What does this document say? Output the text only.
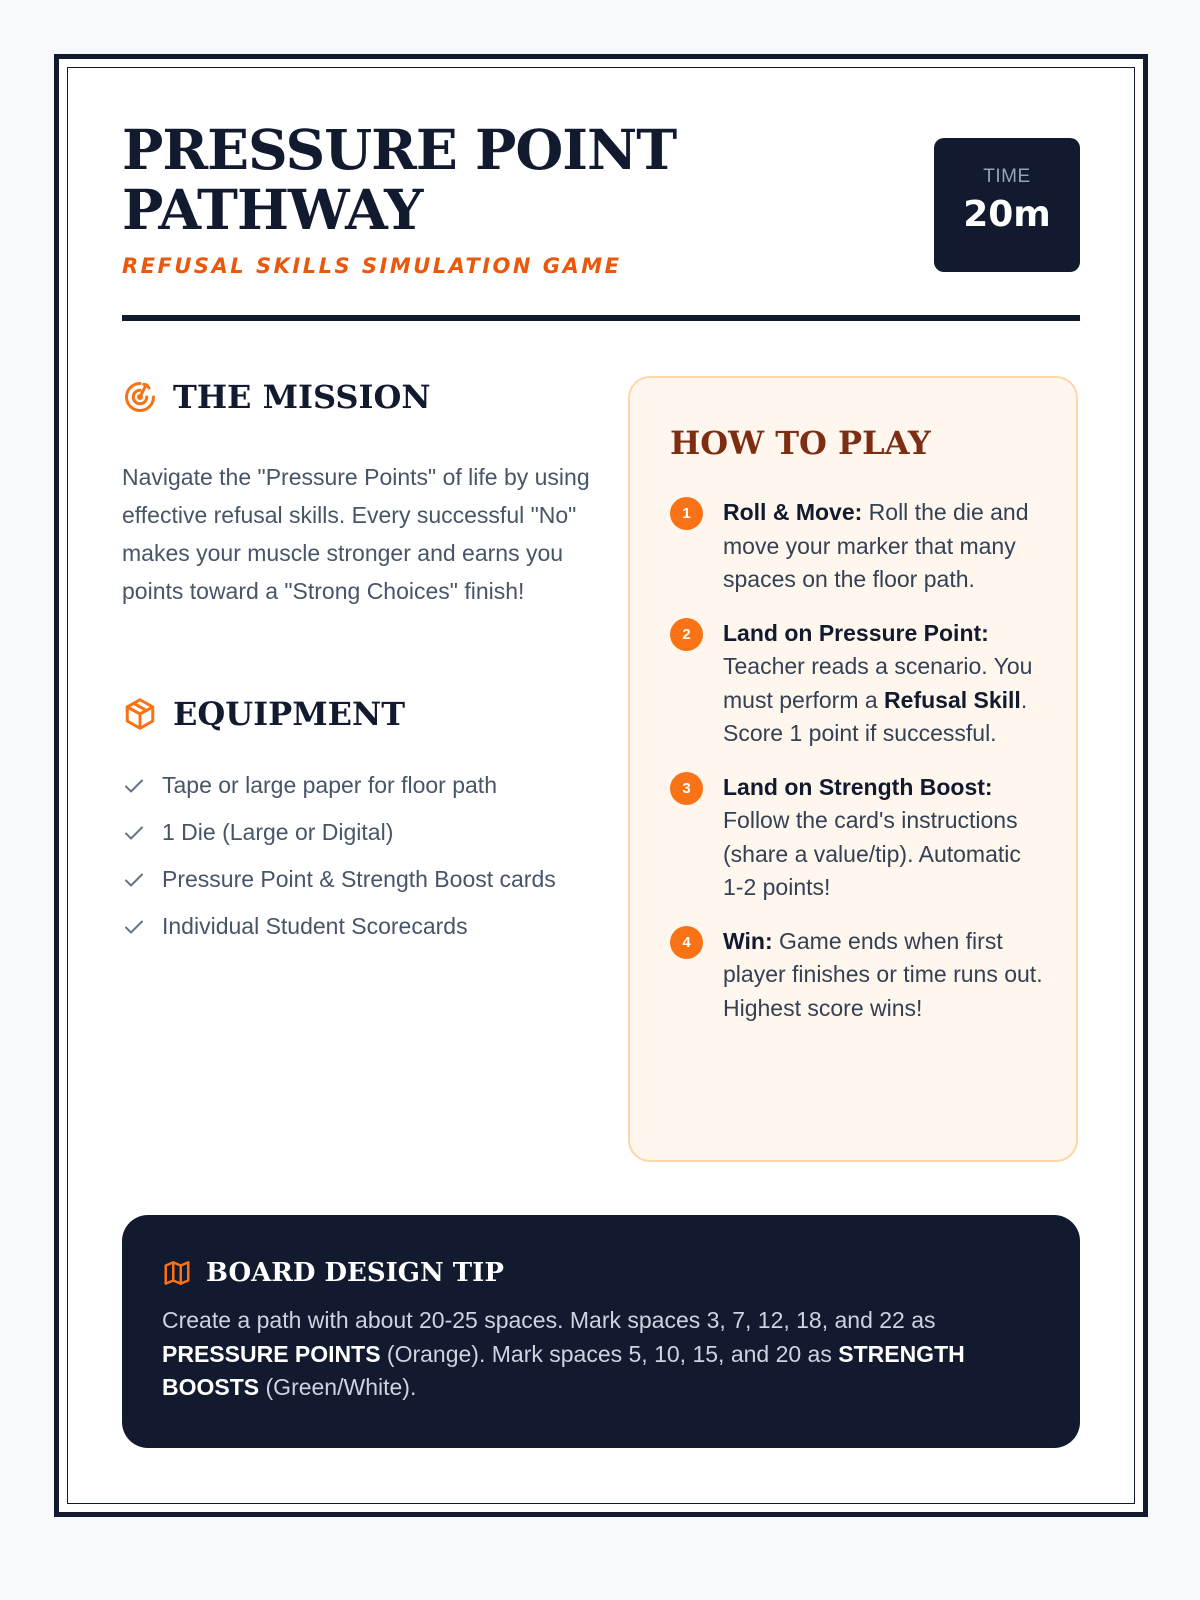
PRESSURE POINT PATHWAY
REFUSAL SKILLS SIMULATION GAME
TIME
20m
THE MISSION

Navigate the "Pressure Points" of life by using effective refusal skills. Every successful "No" makes your muscle stronger and earns you points toward a "Strong Choices" finish!

EQUIPMENT
Tape or large paper for floor path
1 Die (Large or Digital)
Pressure Point & Strength Boost cards
Individual Student Scorecards
HOW TO PLAY
1	Roll & Move: Roll the die and move your marker that many spaces on the floor path.
2	Land on Pressure Point: Teacher reads a scenario. You must perform a Refusal Skill. Score 1 point if successful.
3	Land on Strength Boost: Follow the card's instructions (share a value/tip). Automatic 1-2 points!
4	Win: Game ends when first player finishes or time runs out. Highest score wins!
BOARD DESIGN TIP

Create a path with about 20-25 spaces. Mark spaces 3, 7, 12, 18, and 22 as PRESSURE POINTS (Orange). Mark spaces 5, 10, 15, and 20 as STRENGTH BOOSTS (Green/White).
